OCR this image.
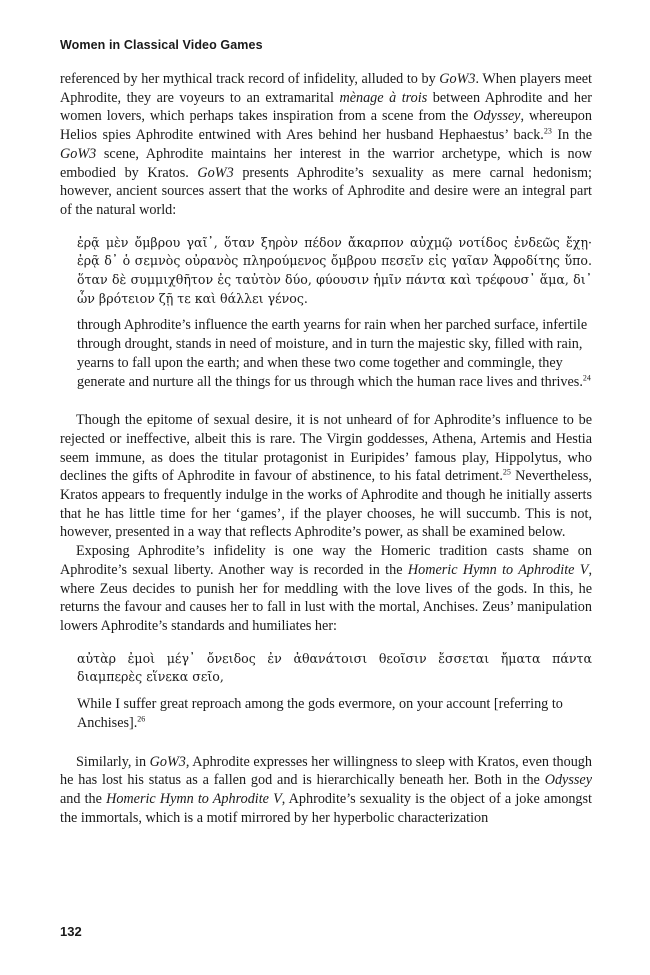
Women in Classical Video Games

referenced by her mythical track record of infidelity, alluded to by GoW3. When players meet Aphrodite, they are voyeurs to an extramarital mènage à trois between Aphrodite and her women lovers, which perhaps takes inspiration from a scene from the Odyssey, whereupon Helios spies Aphrodite entwined with Ares behind her husband Hephaestus’ back.$^{23}$ In the GoW3 scene, Aphrodite maintains her interest in the warrior archetype, which is now embodied by Kratos. GoW3 presents Aphrodite’s sexuality as mere carnal hedonism; however, ancient sources assert that the works of Aphrodite and desire were an integral part of the natural world:

ἐρᾷ μὲν ὄμβρου γαῖ᾽, ὅταν ξηρὸν πέδον ἄκαρπον αὐχμῷ νοτίδος ἐνδεῶς ἔχῃ· ἐρᾷ δ᾽ ὁ σεμνὸς οὐρανὸς πληρούμενος ὄμβρου πεσεῖν εἰς γαῖαν Ἀφροδίτης ὕπο. ὅταν δὲ συμμιχθῆτον ἐς ταὐτὸν δύο, φύουσιν ἡμῖν πάντα καὶ τρέφουσ᾽ ἅμα, δι᾽ ὧν βρότειον ζῇ τε καὶ θάλλει γένος.

through Aphrodite’s influence the earth yearns for rain when her parched surface, infertile through drought, stands in need of moisture, and in turn the majestic sky, filled with rain, yearns to fall upon the earth; and when these two come together and commingle, they generate and nurture all the things for us through which the human race lives and thrives.$^{24}$

Though the epitome of sexual desire, it is not unheard of for Aphrodite’s influence to be rejected or ineffective, albeit this is rare. The Virgin goddesses, Athena, Artemis and Hestia seem immune, as does the titular protagonist in Euripides’ famous play, Hippolytus, who declines the gifts of Aphrodite in favour of abstinence, to his fatal detriment.$^{25}$ Nevertheless, Kratos appears to frequently indulge in the works of Aphrodite and though he initially asserts that he has little time for her ‘games’, if the player chooses, he will succumb. This is not, however, presented in a way that reflects Aphrodite’s power, as shall be examined below.

Exposing Aphrodite’s infidelity is one way the Homeric tradition casts shame on Aphrodite’s sexual liberty. Another way is recorded in the Homeric Hymn to Aphrodite V, where Zeus decides to punish her for meddling with the love lives of the gods. In this, he returns the favour and causes her to fall in lust with the mortal, Anchises. Zeus’ manipulation lowers Aphrodite’s standards and humiliates her:

αὐτὰρ ἐμοὶ μέγ᾽ ὄνειδος ἐν ἀθανάτοισι θεοῖσιν ἔσσεται ἤματα πάντα διαμπερὲς εἵνεκα σεῖο,

While I suffer great reproach among the gods evermore, on your account [referring to Anchises].$^{26}$

Similarly, in GoW3, Aphrodite expresses her willingness to sleep with Kratos, even though he has lost his status as a fallen god and is hierarchically beneath her. Both in the Odyssey and the Homeric Hymn to Aphrodite V, Aphrodite’s sexuality is the object of a joke amongst the immortals, which is a motif mirrored by her hyperbolic characterization

132
